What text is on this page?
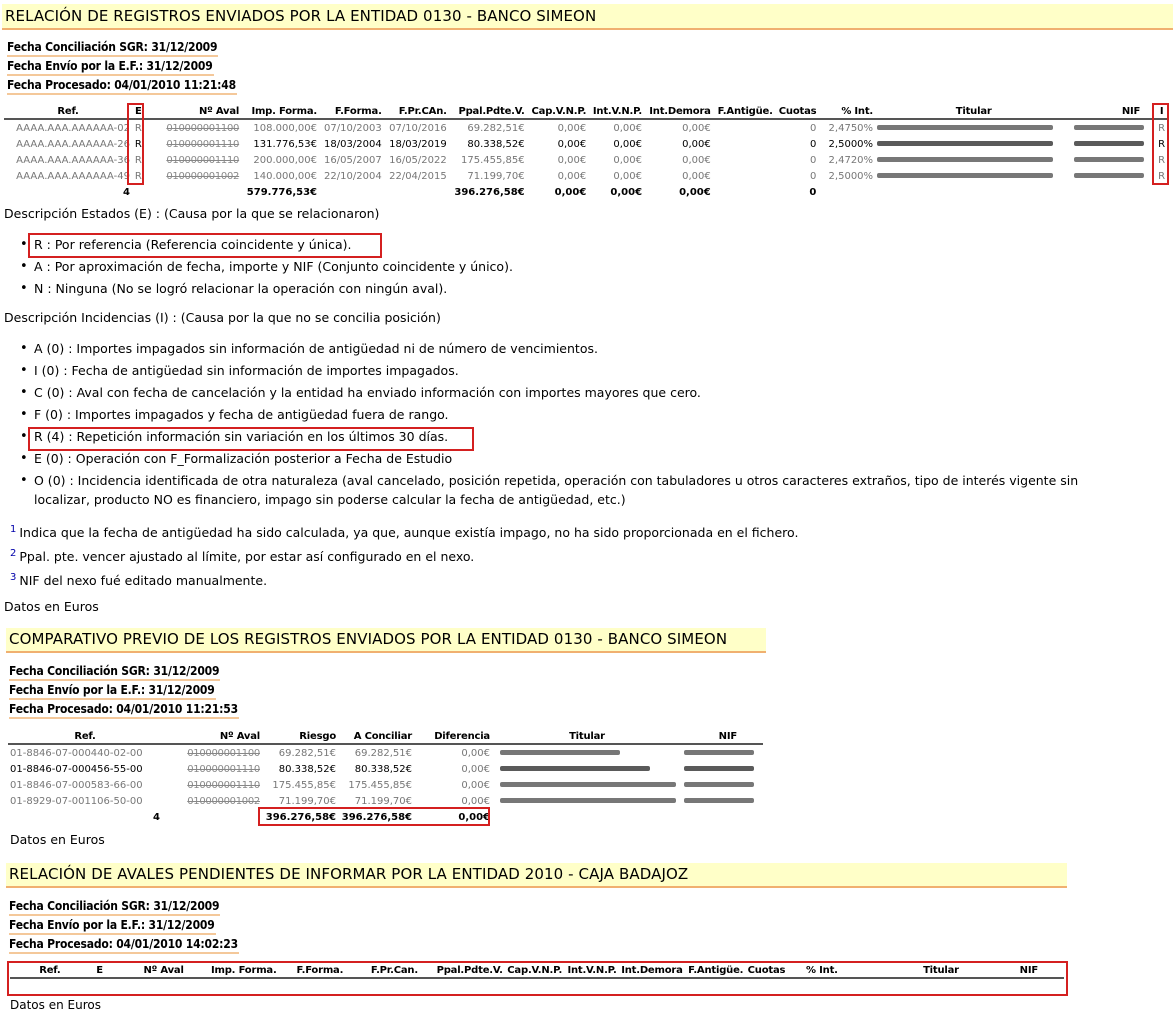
RELACIÓN DE REGISTROS ENVIADOS POR LA ENTIDAD 0130 - BANCO SIMEON
Fecha Conciliación SGR: 31/12/2009
Fecha Envío por la E.F.: 31/12/2009
Fecha Procesado: 04/01/2010 11:21:48
Ref.	E	Nº Aval	Imp. Forma.	F.Forma.	F.Pr.CAn.	Ppal.Pdte.V.	Cap.V.N.P.	Int.V.N.P.	Int.Demora	F.Antigüe.	Cuotas	% Int.	Titular	NIF	I
AAAA.AAA.AAAAAA-02	R	010000001100	108.000,00€	07/10/2003	07/10/2016	69.282,51€	0,00€	0,00€	0,00€		0	2,4750%			R
AAAA.AAA.AAAAAA-26	R	010000001110	131.776,53€	18/03/2004	18/03/2019	80.338,52€	0,00€	0,00€	0,00€		0	2,5000%			R
AAAA.AAA.AAAAAA-36	R	010000001110	200.000,00€	16/05/2007	16/05/2022	175.455,85€	0,00€	0,00€	0,00€		0	2,4720%			R
AAAA.AAA.AAAAAA-49	R	010000001002	140.000,00€	22/10/2004	22/04/2015	71.199,70€	0,00€	0,00€	0,00€		0	2,5000%			R
4			579.776,53€			396.276,58€	0,00€	0,00€	0,00€		0				
Descripción Estados (E) : (Causa por la que se relacionaron)
• R : Por referencia (Referencia coincidente y única).
• A : Por aproximación de fecha, importe y NIF (Conjunto coincidente y único).
• N : Ninguna (No se logró relacionar la operación con ningún aval).
Descripción Incidencias (I) : (Causa por la que no se concilia posición)
• A (0) : Importes impagados sin información de antigüedad ni de número de vencimientos.
• I (0) : Fecha de antigüedad sin información de importes impagados.
• C (0) : Aval con fecha de cancelación y la entidad ha enviado información con importes mayores que cero.
• F (0) : Importes impagados y fecha de antigüedad fuera de rango.
• R (4) : Repetición información sin variación en los últimos 30 días.
• E (0) : Operación con F_Formalización posterior a Fecha de Estudio
• O (0) : Incidencia identificada de otra naturaleza (aval cancelado, posición repetida, operación con tabuladores u otros caracteres extraños, tipo de interés vigente sin
localizar, producto NO es financiero, impago sin poderse calcular la fecha de antigüedad, etc.)
$^1$ Indica que la fecha de antigüedad ha sido calculada, ya que, aunque existía impago, no ha sido proporcionada en el fichero.
$^2$ Ppal. pte. vencer ajustado al límite, por estar así configurado en el nexo.
$^3$ NIF del nexo fué editado manualmente.
Datos en Euros
COMPARATIVO PREVIO DE LOS REGISTROS ENVIADOS POR LA ENTIDAD 0130 - BANCO SIMEON
Fecha Conciliación SGR: 31/12/2009
Fecha Envío por la E.F.: 31/12/2009
Fecha Procesado: 04/01/2010 11:21:53
Ref.	Nº Aval	Riesgo	A Conciliar	Diferencia	Titular	NIF
01-8846-07-000440-02-00	010000001100	69.282,51€	69.282,51€	0,00€		
01-8846-07-000456-55-00	010000001110	80.338,52€	80.338,52€	0,00€		
01-8846-07-000583-66-00	010000001110	175.455,85€	175.455,85€	0,00€		
01-8929-07-001106-50-00	010000001002	71.199,70€	71.199,70€	0,00€		
4		396.276,58€	396.276,58€	0,00€		
Datos en Euros
RELACIÓN DE AVALES PENDIENTES DE INFORMAR POR LA ENTIDAD 2010 - CAJA BADAJOZ
Fecha Conciliación SGR: 31/12/2009
Fecha Envío por la E.F.: 31/12/2009
Fecha Procesado: 04/01/2010 14:02:23
Ref.	E	Nº Aval	Imp. Forma.	F.Forma.	F.Pr.Can.	Ppal.Pdte.V.	Cap.V.N.P.	Int.V.N.P.	Int.Demora	F.Antigüe.	Cuotas	% Int.	Titular	NIF
Datos en Euros
